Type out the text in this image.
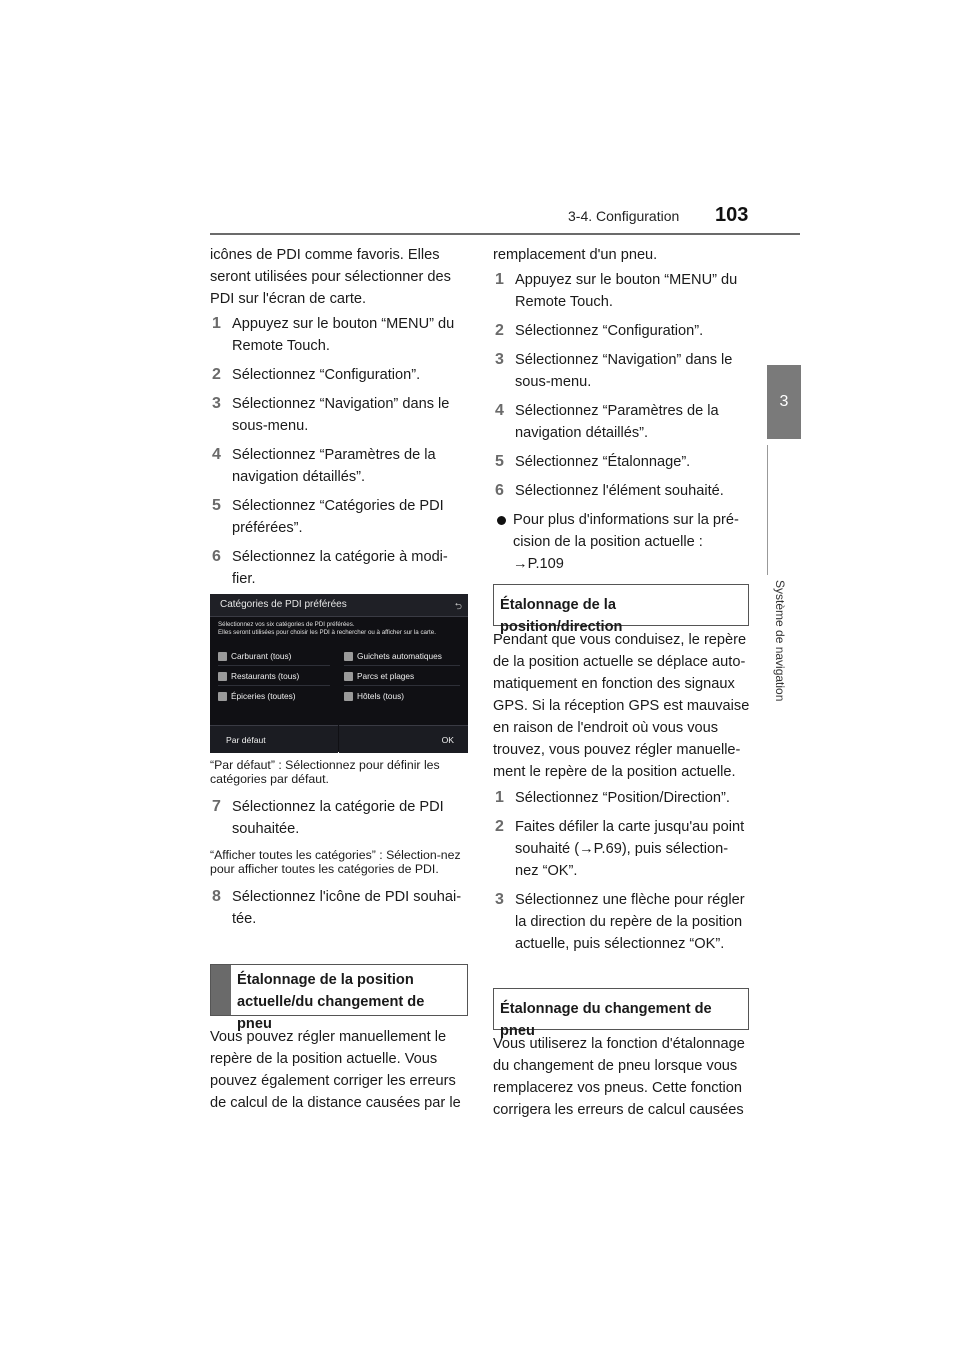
3-4. Configuration 103
3
Système de navigation

icônes de PDI comme favoris. Elles seront utilisées pour sélectionner des PDI sur l'écran de carte.

1 Appuyez sur le bouton “MENU” du Remote Touch.
2 Sélectionnez “Configuration”.
3 Sélectionnez “Navigation” dans le sous-menu.
4 Sélectionnez “Paramètres de la navigation détaillés”.
5 Sélectionnez “Catégories de PDI préférées”.
6 Sélectionnez la catégorie à modi-fier.
Catégories de PDI préférées	⮌
Sélectionnez vos six catégories de PDI préférées.
Elles seront utilisées pour choisir les PDI à rechercher ou à afficher sur la carte.
Carburant (tous)
Restaurants (tous)
Épiceries (toutes)
Guichets automatiques
Parcs et plages
Hôtels (tous)
Par défaut	OK

“Par défaut” : Sélectionnez pour définir les catégories par défaut.

7 Sélectionnez la catégorie de PDI souhaitée.

“Afficher toutes les catégories” : Sélection-nez pour afficher toutes les catégories de PDI.

8 Sélectionnez l'icône de PDI souhai-tée.
Étalonnage de la position actuelle/du changement de pneu

Vous pouvez régler manuellement le repère de la position actuelle. Vous pouvez également corriger les erreurs de calcul de la distance causées par le

remplacement d'un pneu.

1 Appuyez sur le bouton “MENU” du Remote Touch.
2 Sélectionnez “Configuration”.
3 Sélectionnez “Navigation” dans le sous-menu.
4 Sélectionnez “Paramètres de la navigation détaillés”.
5 Sélectionnez “Étalonnage”.
6 Sélectionnez l'élément souhaité.
Pour plus d'informations sur la pré-cision de la position actuelle : →P.109
Étalonnage de la position/direction

Pendant que vous conduisez, le repère de la position actuelle se déplace auto-matiquement en fonction des signaux GPS. Si la réception GPS est mauvaise en raison de l'endroit où vous vous trouvez, vous pouvez régler manuelle-ment le repère de la position actuelle.

1 Sélectionnez “Position/Direction”.
2 Faites défiler la carte jusqu'au point souhaité (→P.69), puis sélection-nez “OK”.
3 Sélectionnez une flèche pour régler la direction du repère de la position actuelle, puis sélectionnez “OK”.
Étalonnage du changement de pneu

Vous utiliserez la fonction d'étalonnage du changement de pneu lorsque vous remplacerez vos pneus. Cette fonction corrigera les erreurs de calcul causées
